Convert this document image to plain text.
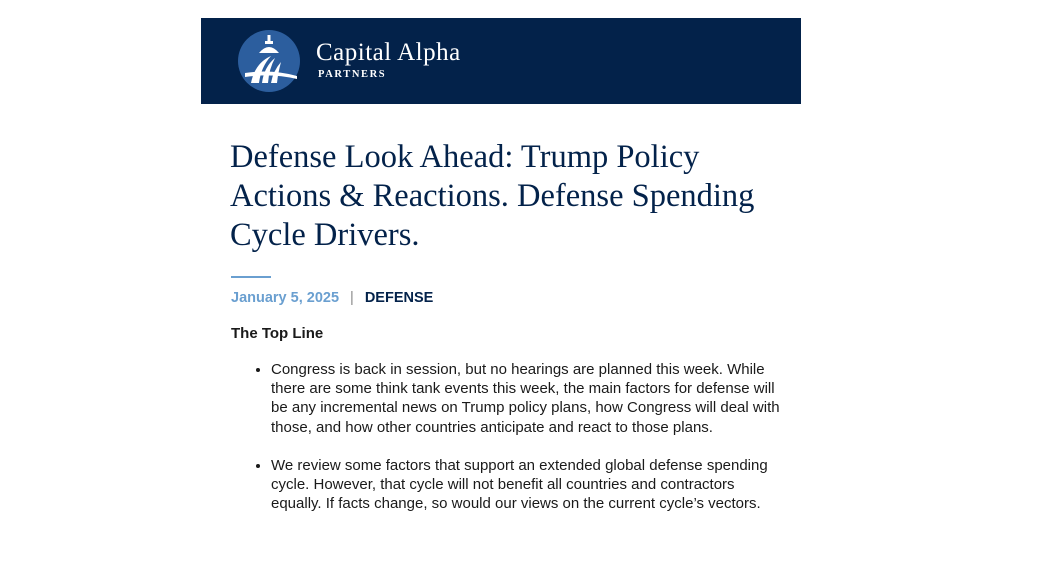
Capital Alpha
PARTNERS
Defense Look Ahead: Trump Policy Actions & Reactions. Defense Spending Cycle Drivers.
January 5, 2025 | DEFENSE
The Top Line
• Congress is back in session, but no hearings are planned this week. While there are some think tank events this week, the main factors for defense will be any incremental news on Trump policy plans, how Congress will deal with those, and how other countries anticipate and react to those plans.
• We review some factors that support an extended global defense spending cycle. However, that cycle will not benefit all countries and contractors equally. If facts change, so would our views on the current cycle’s vectors.
